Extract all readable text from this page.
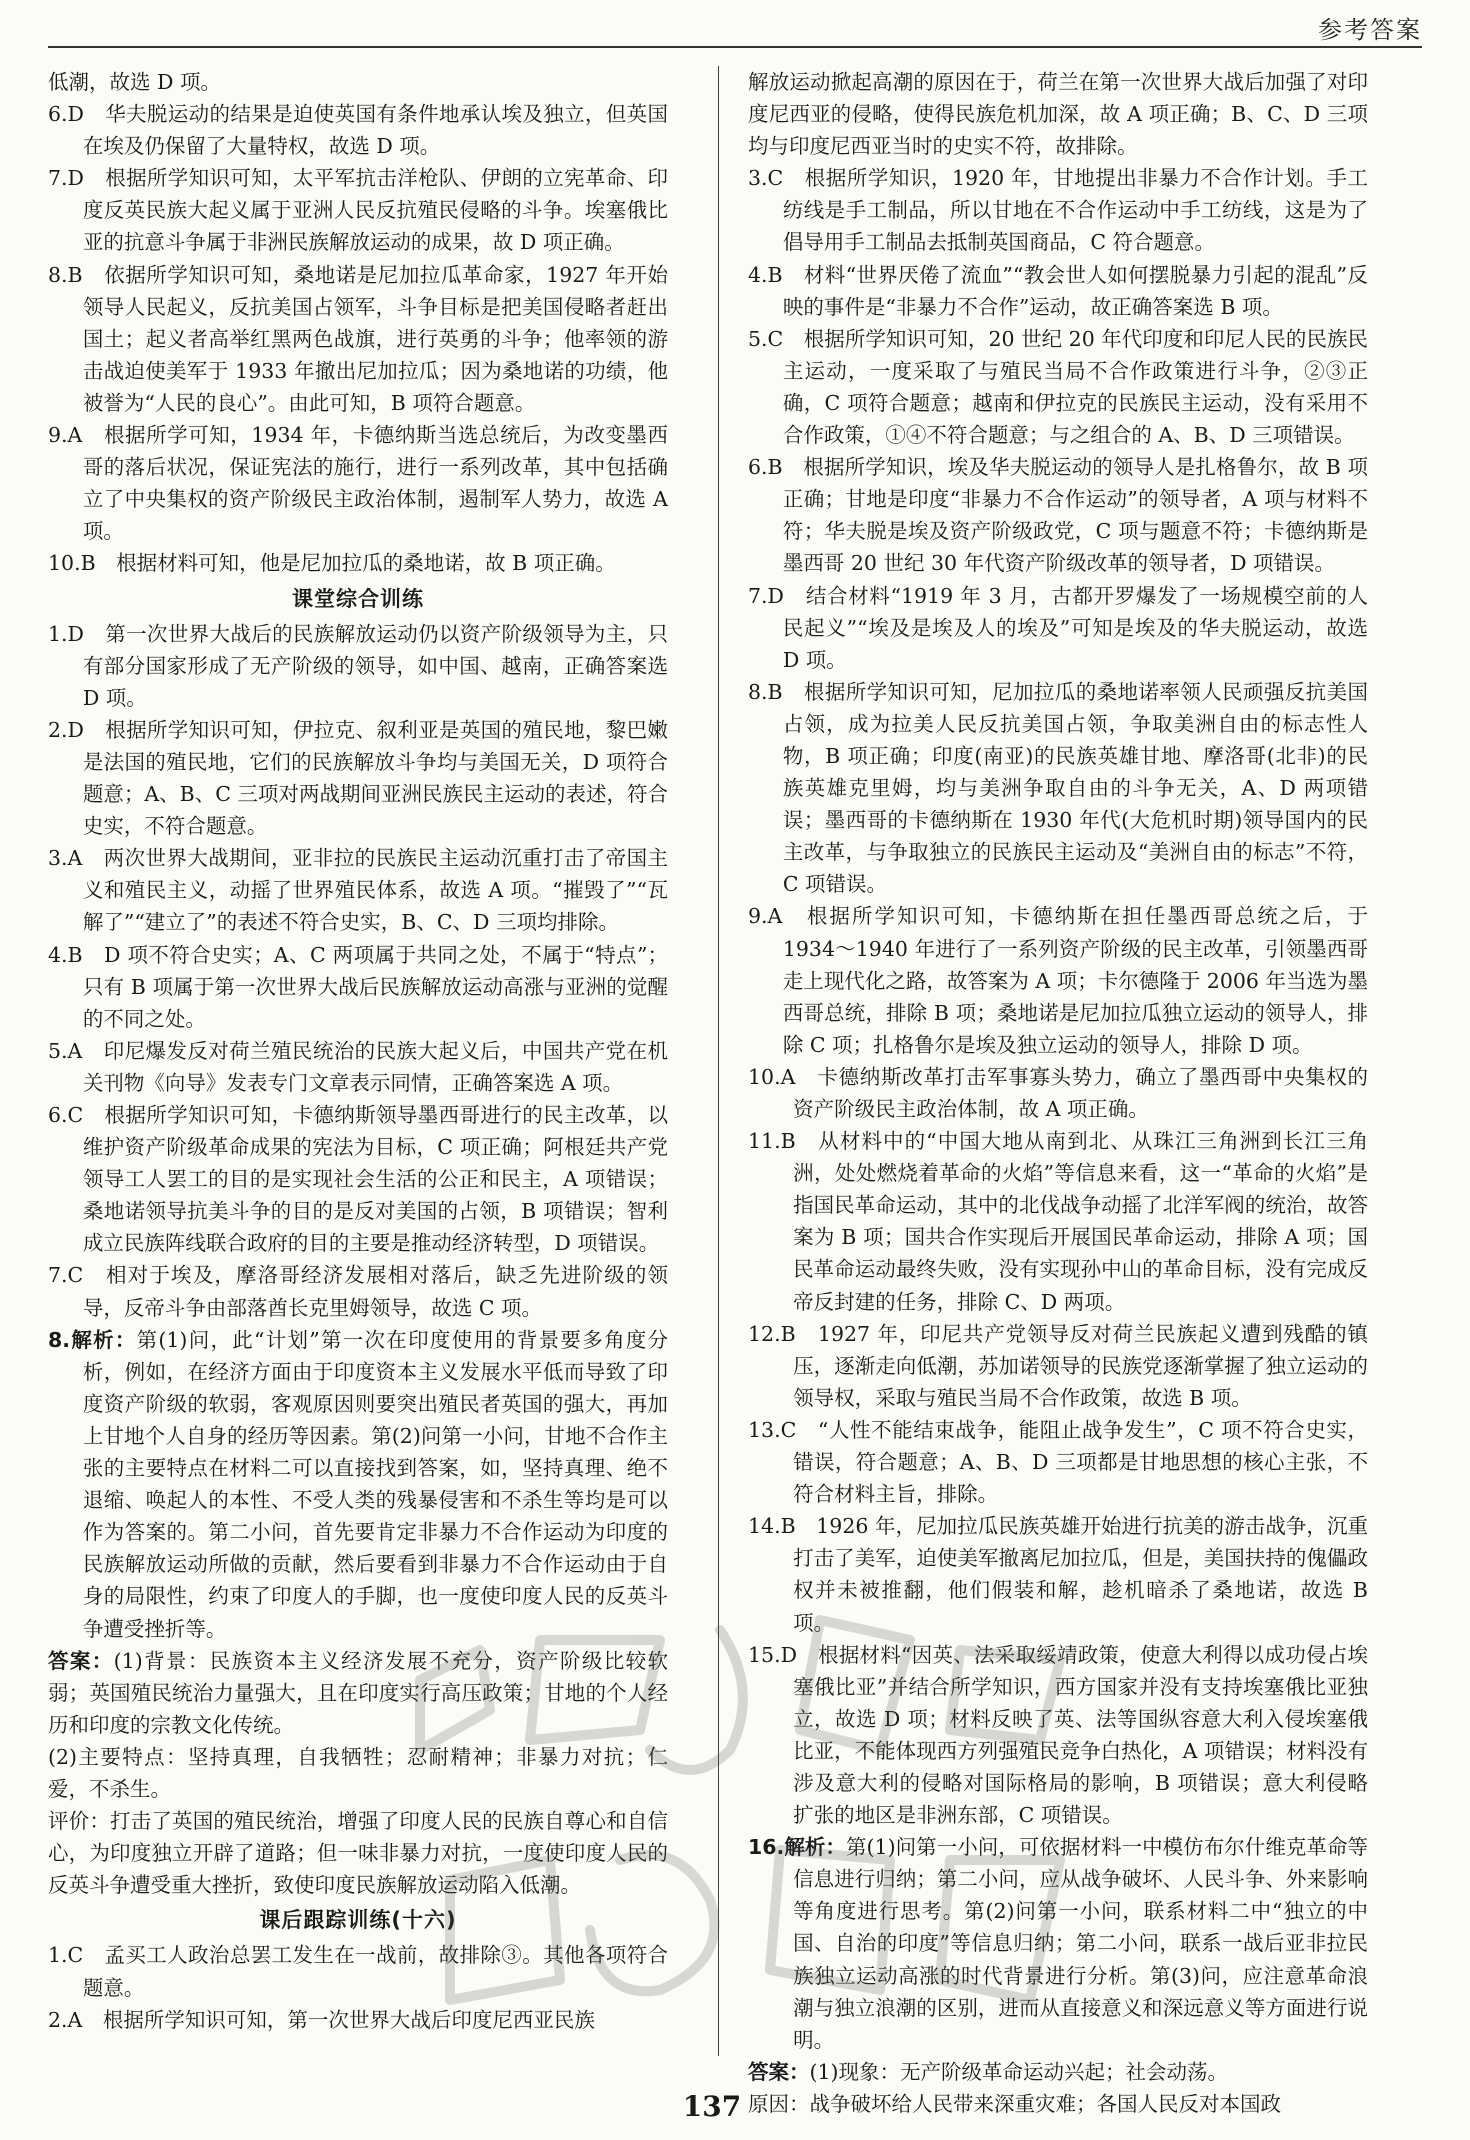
参考答案

低潮，故选 D 项。

6.D　华夫脱运动的结果是迫使英国有条件地承认埃及独立，但英国在埃及仍保留了大量特权，故选 D 项。

7.D　根据所学知识可知，太平军抗击洋枪队、伊朗的立宪革命、印度反英民族大起义属于亚洲人民反抗殖民侵略的斗争。埃塞俄比亚的抗意斗争属于非洲民族解放运动的成果，故 D 项正确。

8.B　依据所学知识可知，桑地诺是尼加拉瓜革命家，1927 年开始领导人民起义，反抗美国占领军，斗争目标是把美国侵略者赶出国土；起义者高举红黑两色战旗，进行英勇的斗争；他率领的游击战迫使美军于 1933 年撤出尼加拉瓜；因为桑地诺的功绩，他被誉为“人民的良心”。由此可知，B 项符合题意。

9.A　根据所学可知，1934 年，卡德纳斯当选总统后，为改变墨西哥的落后状况，保证宪法的施行，进行一系列改革，其中包括确立了中央集权的资产阶级民主政治体制，遏制军人势力，故选 A 项。

10.B　根据材料可知，他是尼加拉瓜的桑地诺，故 B 项正确。

课堂综合训练

1.D　第一次世界大战后的民族解放运动仍以资产阶级领导为主，只有部分国家形成了无产阶级的领导，如中国、越南，正确答案选 D 项。

2.D　根据所学知识可知，伊拉克、叙利亚是英国的殖民地，黎巴嫩是法国的殖民地，它们的民族解放斗争均与美国无关，D 项符合题意；A、B、C 三项对两战期间亚洲民族民主运动的表述，符合史实，不符合题意。

3.A　两次世界大战期间，亚非拉的民族民主运动沉重打击了帝国主义和殖民主义，动摇了世界殖民体系，故选 A 项。“摧毁了”“瓦解了”“建立了”的表述不符合史实，B、C、D 三项均排除。

4.B　D 项不符合史实；A、C 两项属于共同之处，不属于“特点”；只有 B 项属于第一次世界大战后民族解放运动高涨与亚洲的觉醒的不同之处。

5.A　印尼爆发反对荷兰殖民统治的民族大起义后，中国共产党在机关刊物《向导》发表专门文章表示同情，正确答案选 A 项。

6.C　根据所学知识可知，卡德纳斯领导墨西哥进行的民主改革，以维护资产阶级革命成果的宪法为目标，C 项正确；阿根廷共产党领导工人罢工的目的是实现社会生活的公正和民主，A 项错误；桑地诺领导抗美斗争的目的是反对美国的占领，B 项错误；智利成立民族阵线联合政府的目的主要是推动经济转型，D 项错误。

7.C　相对于埃及，摩洛哥经济发展相对落后，缺乏先进阶级的领导，反帝斗争由部落酋长克里姆领导，故选 C 项。

8.解析：第(1)问，此“计划”第一次在印度使用的背景要多角度分析，例如，在经济方面由于印度资本主义发展水平低而导致了印度资产阶级的软弱，客观原因则要突出殖民者英国的强大，再加上甘地个人自身的经历等因素。第(2)问第一小问，甘地不合作主张的主要特点在材料二可以直接找到答案，如，坚持真理、绝不退缩、唤起人的本性、不受人类的残暴侵害和不杀生等均是可以作为答案的。第二小问，首先要肯定非暴力不合作运动为印度的民族解放运动所做的贡献，然后要看到非暴力不合作运动由于自身的局限性，约束了印度人的手脚，也一度使印度人民的反英斗争遭受挫折等。

答案：(1)背景：民族资本主义经济发展不充分，资产阶级比较软弱；英国殖民统治力量强大，且在印度实行高压政策；甘地的个人经历和印度的宗教文化传统。

(2)主要特点：坚持真理，自我牺牲；忍耐精神；非暴力对抗；仁爱，不杀生。

评价：打击了英国的殖民统治，增强了印度人民的民族自尊心和自信心，为印度独立开辟了道路；但一味非暴力对抗，一度使印度人民的反英斗争遭受重大挫折，致使印度民族解放运动陷入低潮。

课后跟踪训练(十六)

1.C　孟买工人政治总罢工发生在一战前，故排除③。其他各项符合题意。

2.A　根据所学知识可知，第一次世界大战后印度尼西亚民族

解放运动掀起高潮的原因在于，荷兰在第一次世界大战后加强了对印度尼西亚的侵略，使得民族危机加深，故 A 项正确；B、C、D 三项均与印度尼西亚当时的史实不符，故排除。

3.C　根据所学知识，1920 年，甘地提出非暴力不合作计划。手工纺线是手工制品，所以甘地在不合作运动中手工纺线，这是为了倡导用手工制品去抵制英国商品，C 符合题意。

4.B　材料“世界厌倦了流血”“教会世人如何摆脱暴力引起的混乱”反映的事件是“非暴力不合作”运动，故正确答案选 B 项。

5.C　根据所学知识可知，20 世纪 20 年代印度和印尼人民的民族民主运动，一度采取了与殖民当局不合作政策进行斗争，②③正确，C 项符合题意；越南和伊拉克的民族民主运动，没有采用不合作政策，①④不符合题意；与之组合的 A、B、D 三项错误。

6.B　根据所学知识，埃及华夫脱运动的领导人是扎格鲁尔，故 B 项正确；甘地是印度“非暴力不合作运动”的领导者，A 项与材料不符；华夫脱是埃及资产阶级政党，C 项与题意不符；卡德纳斯是墨西哥 20 世纪 30 年代资产阶级改革的领导者，D 项错误。

7.D　结合材料“1919 年 3 月，古都开罗爆发了一场规模空前的人民起义”“埃及是埃及人的埃及”可知是埃及的华夫脱运动，故选 D 项。

8.B　根据所学知识可知，尼加拉瓜的桑地诺率领人民顽强反抗美国占领，成为拉美人民反抗美国占领，争取美洲自由的标志性人物，B 项正确；印度(南亚)的民族英雄甘地、摩洛哥(北非)的民族英雄克里姆，均与美洲争取自由的斗争无关，A、D 两项错误；墨西哥的卡德纳斯在 1930 年代(大危机时期)领导国内的民主改革，与争取独立的民族民主运动及“美洲自由的标志”不符，C 项错误。

9.A　根据所学知识可知，卡德纳斯在担任墨西哥总统之后，于 1934～1940 年进行了一系列资产阶级的民主改革，引领墨西哥走上现代化之路，故答案为 A 项；卡尔德隆于 2006 年当选为墨西哥总统，排除 B 项；桑地诺是尼加拉瓜独立运动的领导人，排除 C 项；扎格鲁尔是埃及独立运动的领导人，排除 D 项。

10.A　卡德纳斯改革打击军事寡头势力，确立了墨西哥中央集权的资产阶级民主政治体制，故 A 项正确。

11.B　从材料中的“中国大地从南到北、从珠江三角洲到长江三角洲，处处燃烧着革命的火焰”等信息来看，这一“革命的火焰”是指国民革命运动，其中的北伐战争动摇了北洋军阀的统治，故答案为 B 项；国共合作实现后开展国民革命运动，排除 A 项；国民革命运动最终失败，没有实现孙中山的革命目标，没有完成反帝反封建的任务，排除 C、D 两项。

12.B　1927 年，印尼共产党领导反对荷兰民族起义遭到残酷的镇压，逐渐走向低潮，苏加诺领导的民族党逐渐掌握了独立运动的领导权，采取与殖民当局不合作政策，故选 B 项。

13.C　“人性不能结束战争，能阻止战争发生”，C 项不符合史实，错误，符合题意；A、B、D 三项都是甘地思想的核心主张，不符合材料主旨，排除。

14.B　1926 年，尼加拉瓜民族英雄开始进行抗美的游击战争，沉重打击了美军，迫使美军撤离尼加拉瓜，但是，美国扶持的傀儡政权并未被推翻，他们假装和解，趁机暗杀了桑地诺，故选 B 项。

15.D　根据材料“因英、法采取绥靖政策，使意大利得以成功侵占埃塞俄比亚”并结合所学知识，西方国家并没有支持埃塞俄比亚独立，故选 D 项；材料反映了英、法等国纵容意大利入侵埃塞俄比亚，不能体现西方列强殖民竞争白热化，A 项错误；材料没有涉及意大利的侵略对国际格局的影响，B 项错误；意大利侵略扩张的地区是非洲东部，C 项错误。

16.解析：第(1)问第一小问，可依据材料一中模仿布尔什维克革命等信息进行归纳；第二小问，应从战争破坏、人民斗争、外来影响等角度进行思考。第(2)问第一小问，联系材料二中“独立的中国、自治的印度”等信息归纳；第二小问，联系一战后亚非拉民族独立运动高涨的时代背景进行分析。第(3)问，应注意革命浪潮与独立浪潮的区别，进而从直接意义和深远意义等方面进行说明。

答案：(1)现象：无产阶级革命运动兴起；社会动荡。

原因：战争破坏给人民带来深重灾难；各国人民反对本国政

137
